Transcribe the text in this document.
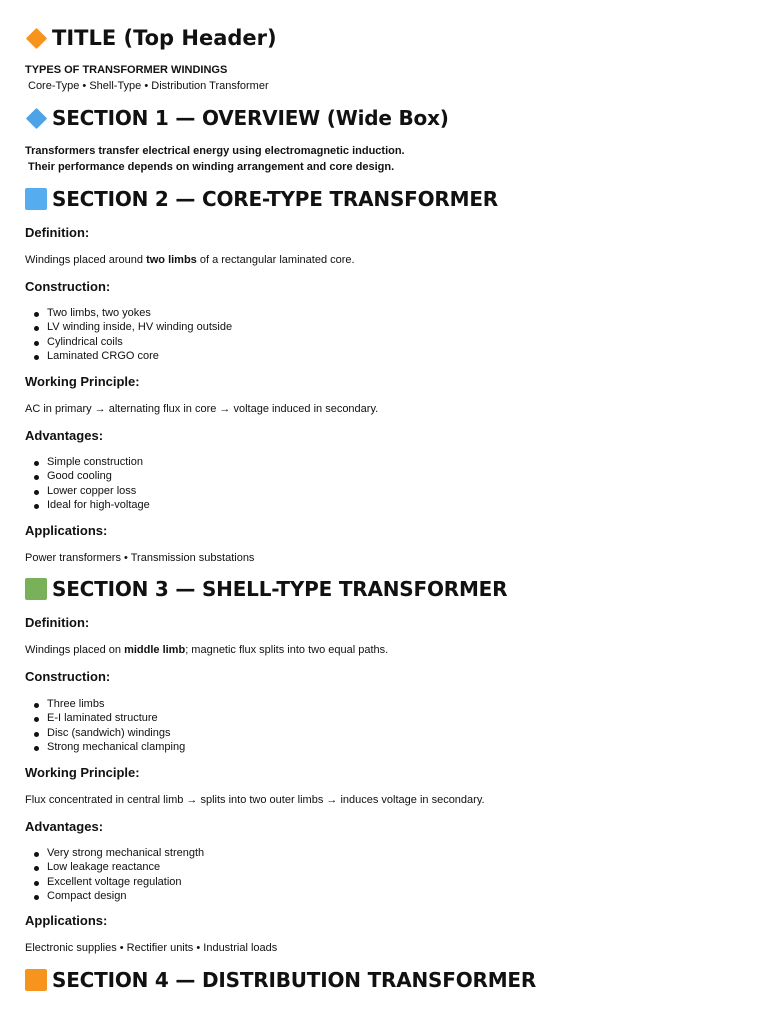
TITLE (Top Header)

TYPES OF TRANSFORMER WINDINGS

Core-Type • Shell-Type • Distribution Transformer

SECTION 1 — OVERVIEW (Wide Box)

Transformers transfer electrical energy using electromagnetic induction.

Their performance depends on winding arrangement and core design.

SECTION 2 — CORE-TYPE TRANSFORMER

Definition:

Windings placed around two limbs of a rectangular laminated core.

Construction:

Two limbs, two yokes
LV winding inside, HV winding outside
Cylindrical coils
Laminated CRGO core

Working Principle:

AC in primary → alternating flux in core → voltage induced in secondary.

Advantages:

Simple construction
Good cooling
Lower copper loss
Ideal for high-voltage

Applications:

Power transformers • Transmission substations

SECTION 3 — SHELL-TYPE TRANSFORMER

Definition:

Windings placed on middle limb; magnetic flux splits into two equal paths.

Construction:

Three limbs
E-I laminated structure
Disc (sandwich) windings
Strong mechanical clamping

Working Principle:

Flux concentrated in central limb → splits into two outer limbs → induces voltage in secondary.

Advantages:

Very strong mechanical strength
Low leakage reactance
Excellent voltage regulation
Compact design

Applications:

Electronic supplies • Rectifier units • Industrial loads

SECTION 4 — DISTRIBUTION TRANSFORMER
